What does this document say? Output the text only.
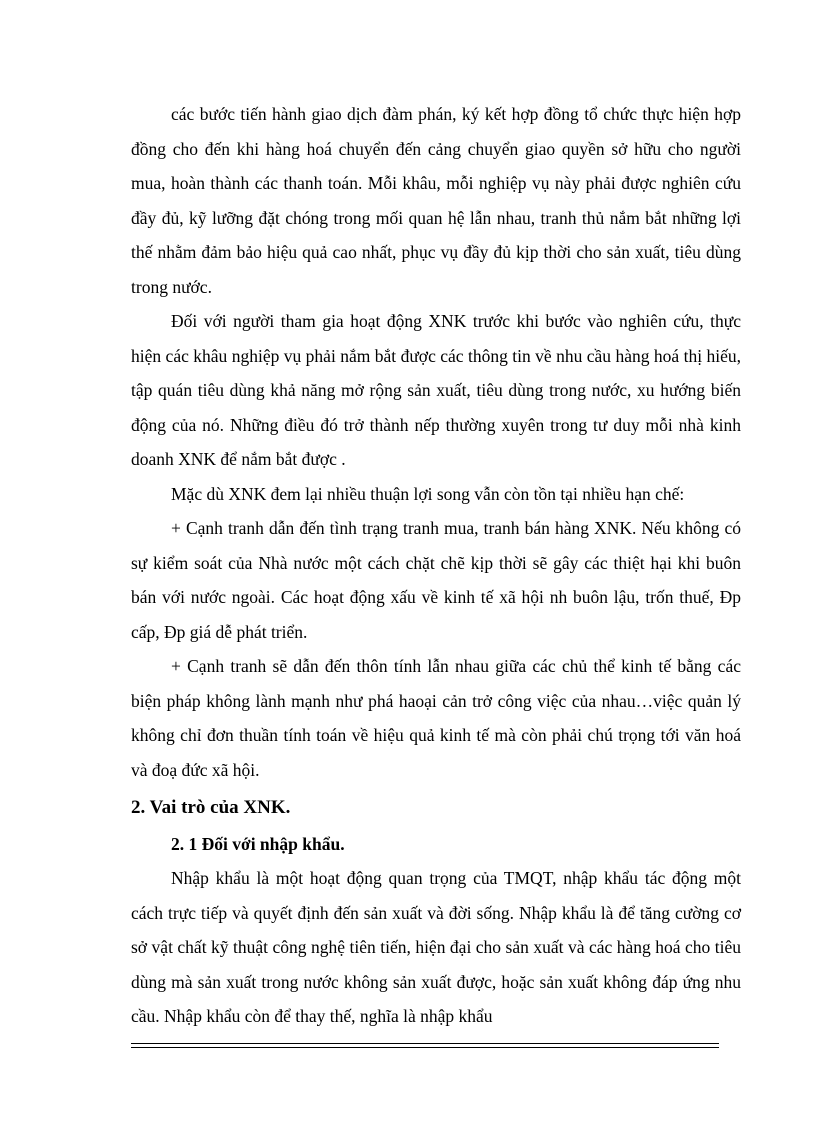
các bước tiến hành giao dịch đàm phán, ký kết hợp đồng tổ chức thực hiện hợp đồng cho đến khi hàng hoá chuyển đến cảng chuyển giao quyền sở hữu cho người mua, hoàn thành các thanh toán. Mỗi khâu, mỗi nghiệp vụ này phải được nghiên cứu đầy đủ, kỹ lưỡng đặt chóng trong mối quan hệ lẫn nhau, tranh thủ nắm bắt những lợi thế nhằm đảm bảo hiệu quả cao nhất, phục vụ đầy đủ kịp thời cho sản xuất, tiêu dùng trong nước.

Đối với người tham gia hoạt động XNK trước khi bước vào nghiên cứu, thực hiện các khâu nghiệp vụ phải nắm bắt được các thông tin về nhu cầu hàng hoá thị hiếu, tập quán tiêu dùng khả năng mở rộng sản xuất, tiêu dùng trong nước, xu hướng biến động của nó. Những điều đó trở thành nếp thường xuyên trong tư duy mỗi nhà kinh doanh XNK để nắm bắt được .

Mặc dù XNK đem lại nhiều thuận lợi song vẫn còn tồn tại nhiều hạn chế:

+ Cạnh tranh dẫn đến tình trạng tranh mua, tranh bán hàng XNK. Nếu không có sự kiểm soát của Nhà nước một cách chặt chẽ kịp thời sẽ gây các thiệt hại khi buôn bán với nước ngoài. Các hoạt động xấu về kinh tế xã hội nh buôn lậu, trốn thuế, Đp cấp, Đp giá dễ phát triển.

+ Cạnh tranh sẽ dẫn đến thôn tính lẫn nhau giữa các chủ thể kinh tế bằng các biện pháp không lành mạnh như phá haoại cản trở công việc của nhau…việc quản lý không chỉ đơn thuần tính toán về hiệu quả kinh tế mà còn phải chú trọng tới văn hoá và đoạ đức xã hội.

2. Vai trò của XNK.
2. 1 Đối với nhập khẩu.

Nhập khẩu là một hoạt động quan trọng của TMQT, nhập khẩu tác động một cách trực tiếp và quyết định đến sản xuất và đời sống. Nhập khẩu là để tăng cường cơ sở vật chất kỹ thuật công nghệ tiên tiến, hiện đại cho sản xuất và các hàng hoá cho tiêu dùng mà sản xuất trong nước không sản xuất được, hoặc sản xuất không đáp ứng nhu cầu. Nhập khẩu còn để thay thế, nghĩa là nhập khẩu
